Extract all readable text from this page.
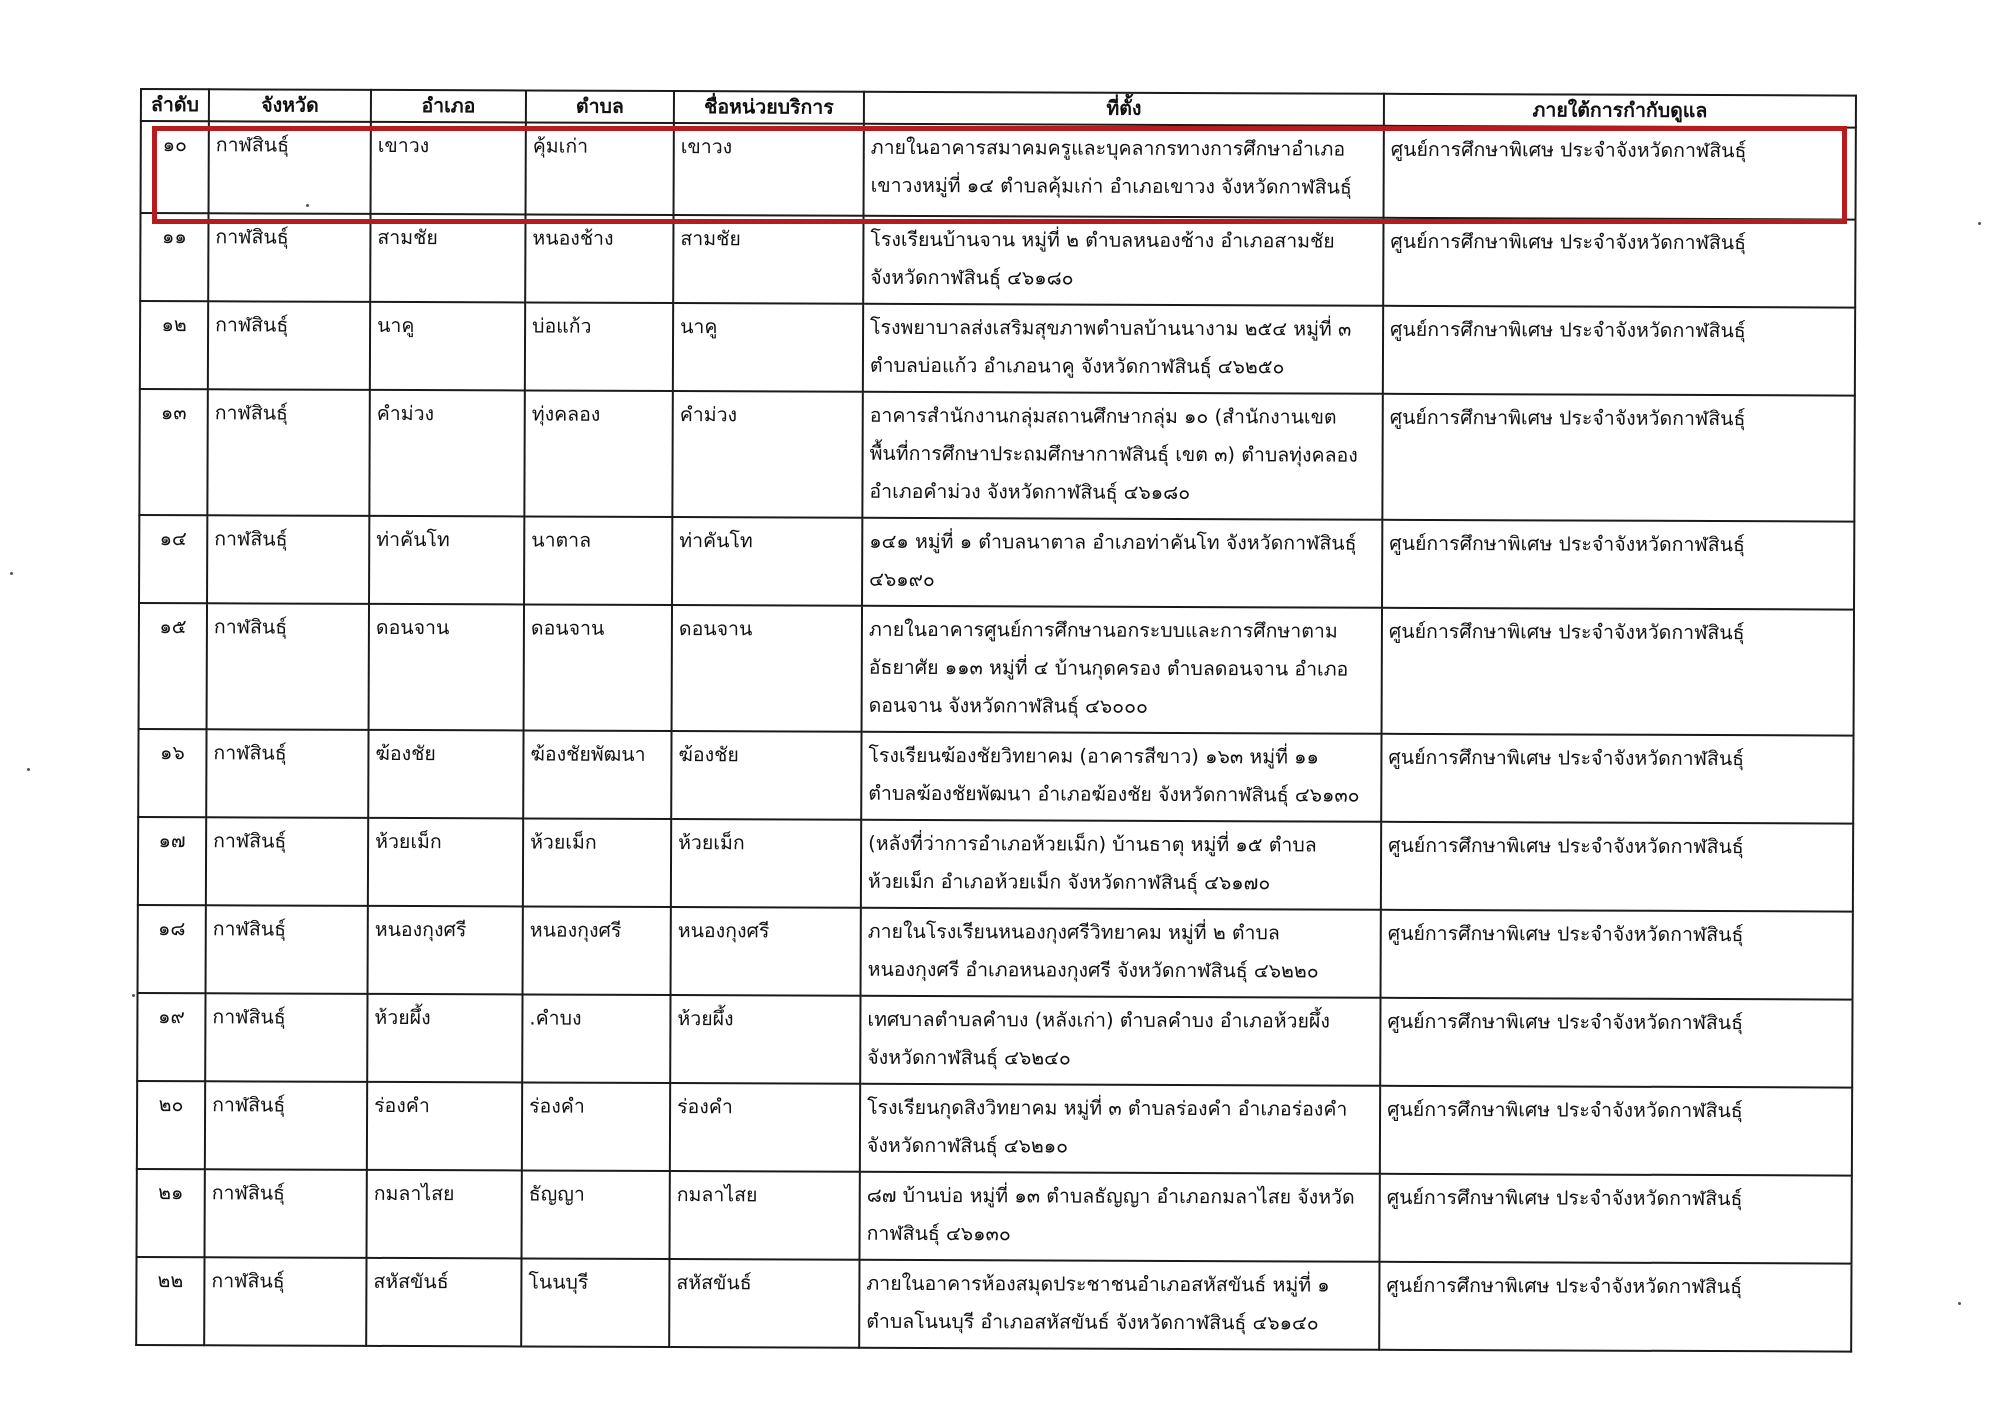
ลำดับ	จังหวัด	อำเภอ	ตำบล	ชื่อหน่วยบริการ	ที่ตั้ง	ภายใต้การกำกับดูแล
๑๐	กาฬสินธุ์	เขาวง	คุ้มเก่า	เขาวง	ภายในอาคารสมาคมครูและบุคลากรทางการศึกษาอำเภอเขาวงหมู่ที่ ๑๔ ตำบลคุ้มเก่า อำเภอเขาวง จังหวัดกาฬสินธุ์	ศูนย์การศึกษาพิเศษ ประจำจังหวัดกาฬสินธุ์
๑๑	กาฬสินธุ์	สามชัย	หนองช้าง	สามชัย	โรงเรียนบ้านจาน หมู่ที่ ๒ ตำบลหนองช้าง อำเภอสามชัย จังหวัดกาฬสินธุ์ ๔๖๑๘๐	ศูนย์การศึกษาพิเศษ ประจำจังหวัดกาฬสินธุ์
๑๒	กาฬสินธุ์	นาคู	บ่อแก้ว	นาคู	โรงพยาบาลส่งเสริมสุขภาพตำบลบ้านนางาม ๒๕๔ หมู่ที่ ๓ ตำบลบ่อแก้ว อำเภอนาคู จังหวัดกาฬสินธุ์ ๔๖๒๕๐	ศูนย์การศึกษาพิเศษ ประจำจังหวัดกาฬสินธุ์
๑๓	กาฬสินธุ์	คำม่วง	ทุ่งคลอง	คำม่วง	อาคารสำนักงานกลุ่มสถานศึกษากลุ่ม ๑๐ (สำนักงานเขตพื้นที่การศึกษาประถมศึกษากาฬสินธุ์ เขต ๓) ตำบลทุ่งคลอง อำเภอคำม่วง จังหวัดกาฬสินธุ์ ๔๖๑๘๐	ศูนย์การศึกษาพิเศษ ประจำจังหวัดกาฬสินธุ์
๑๔	กาฬสินธุ์	ท่าคันโท	นาตาล	ท่าคันโท	๑๔๑ หมู่ที่ ๑ ตำบลนาตาล อำเภอท่าคันโท จังหวัดกาฬสินธุ์ ๔๖๑๙๐	ศูนย์การศึกษาพิเศษ ประจำจังหวัดกาฬสินธุ์
๑๕	กาฬสินธุ์	ดอนจาน	ดอนจาน	ดอนจาน	ภายในอาคารศูนย์การศึกษานอกระบบและการศึกษาตามอัธยาศัย ๑๑๓ หมู่ที่ ๔ บ้านกุดครอง ตำบลดอนจาน อำเภอดอนจาน จังหวัดกาฬสินธุ์ ๔๖๐๐๐	ศูนย์การศึกษาพิเศษ ประจำจังหวัดกาฬสินธุ์
๑๖	กาฬสินธุ์	ฆ้องชัย	ฆ้องชัยพัฒนา	ฆ้องชัย	โรงเรียนฆ้องชัยวิทยาคม (อาคารสีขาว) ๑๖๓ หมู่ที่ ๑๑ ตำบลฆ้องชัยพัฒนา อำเภอฆ้องชัย จังหวัดกาฬสินธุ์ ๔๖๑๓๐	ศูนย์การศึกษาพิเศษ ประจำจังหวัดกาฬสินธุ์
๑๗	กาฬสินธุ์	ห้วยเม็ก	ห้วยเม็ก	ห้วยเม็ก	(หลังที่ว่าการอำเภอห้วยเม็ก) บ้านธาตุ หมู่ที่ ๑๕ ตำบลห้วยเม็ก อำเภอห้วยเม็ก จังหวัดกาฬสินธุ์ ๔๖๑๗๐	ศูนย์การศึกษาพิเศษ ประจำจังหวัดกาฬสินธุ์
๑๘	กาฬสินธุ์	หนองกุงศรี	หนองกุงศรี	หนองกุงศรี	ภายในโรงเรียนหนองกุงศรีวิทยาคม หมู่ที่ ๒ ตำบลหนองกุงศรี อำเภอหนองกุงศรี จังหวัดกาฬสินธุ์ ๔๖๒๒๐	ศูนย์การศึกษาพิเศษ ประจำจังหวัดกาฬสินธุ์
๑๙	กาฬสินธุ์	ห้วยผึ้ง	.คำบง	ห้วยผึ้ง	เทศบาลตำบลคำบง (หลังเก่า) ตำบลคำบง อำเภอห้วยผึ้ง จังหวัดกาฬสินธุ์ ๔๖๒๔๐	ศูนย์การศึกษาพิเศษ ประจำจังหวัดกาฬสินธุ์
๒๐	กาฬสินธุ์	ร่องคำ	ร่องคำ	ร่องคำ	โรงเรียนกุดสิงวิทยาคม หมู่ที่ ๓ ตำบลร่องคำ อำเภอร่องคำ จังหวัดกาฬสินธุ์ ๔๖๒๑๐	ศูนย์การศึกษาพิเศษ ประจำจังหวัดกาฬสินธุ์
๒๑	กาฬสินธุ์	กมลาไสย	ธัญญา	กมลาไสย	๘๗ บ้านบ่อ หมู่ที่ ๑๓ ตำบลธัญญา อำเภอกมลาไสย จังหวัดกาฬสินธุ์ ๔๖๑๓๐	ศูนย์การศึกษาพิเศษ ประจำจังหวัดกาฬสินธุ์
๒๒	กาฬสินธุ์	สหัสขันธ์	โนนบุรี	สหัสขันธ์	ภายในอาคารห้องสมุดประชาชนอำเภอสหัสขันธ์ หมู่ที่ ๑ ตำบลโนนบุรี อำเภอสหัสขันธ์ จังหวัดกาฬสินธุ์ ๔๖๑๔๐	ศูนย์การศึกษาพิเศษ ประจำจังหวัดกาฬสินธุ์
